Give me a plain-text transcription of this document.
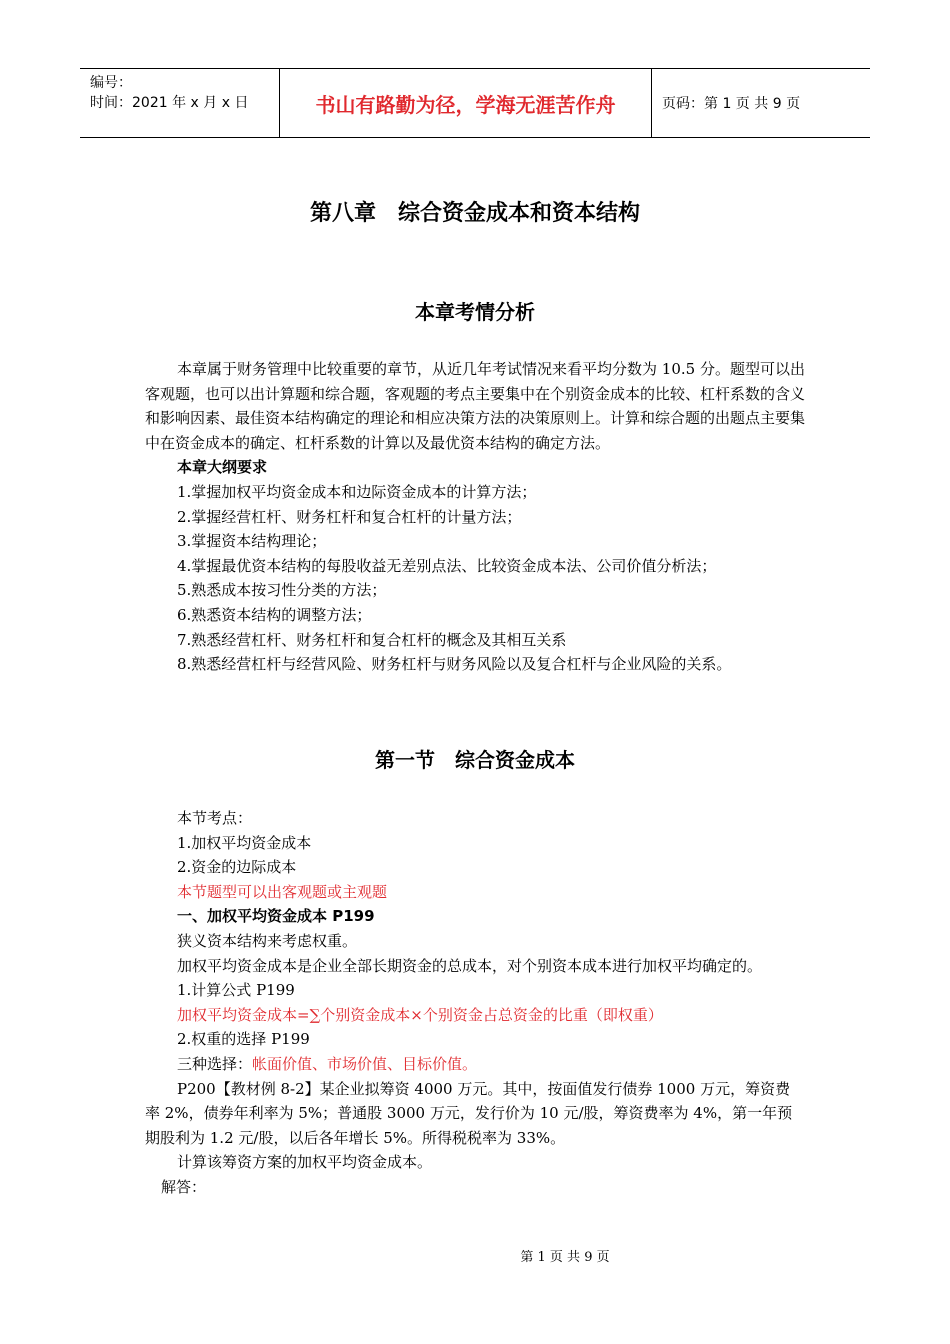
编号：
时间：2021 年 x 月 x 日	书山有路勤为径，学海无涯苦作舟	页码：第 1 页 共 9 页
第八章　综合资金成本和资本结构
本章考情分析

本章属于财务管理中比较重要的章节，从近几年考试情况来看平均分数为 10.5 分。题型可以出客观题，也可以出计算题和综合题，客观题的考点主要集中在个别资金成本的比较、杠杆系数的含义和影响因素、最佳资本结构确定的理论和相应决策方法的决策原则上。计算和综合题的出题点主要集中在资金成本的确定、杠杆系数的计算以及最优资本结构的确定方法。

本章大纲要求

1.掌握加权平均资金成本和边际资金成本的计算方法；

2.掌握经营杠杆、财务杠杆和复合杠杆的计量方法；

3.掌握资本结构理论；

4.掌握最优资本结构的每股收益无差别点法、比较资金成本法、公司价值分析法；

5.熟悉成本按习性分类的方法；

6.熟悉资本结构的调整方法；

7.熟悉经营杠杆、财务杠杆和复合杠杆的概念及其相互关系

8.熟悉经营杠杆与经营风险、财务杠杆与财务风险以及复合杠杆与企业风险的关系。

第一节　综合资金成本

本节考点：

1.加权平均资金成本

2.资金的边际成本

本节题型可以出客观题或主观题

一、加权平均资金成本 P199

狭义资本结构来考虑权重。

加权平均资金成本是企业全部长期资金的总成本，对个别资本成本进行加权平均确定的。

1.计算公式 P199

加权平均资金成本=∑个别资金成本×个别资金占总资金的比重（即权重）

2.权重的选择 P199

三种选择：帐面价值、市场价值、目标价值。

P200【教材例 8-2】某企业拟筹资 4000 万元。其中，按面值发行债券 1000 万元，筹资费率 2%，债券年利率为 5%；普通股 3000 万元，发行价为 10 元/股，筹资费率为 4%，第一年预期股利为 1.2 元/股，以后各年增长 5%。所得税税率为 33%。

计算该筹资方案的加权平均资金成本。

解答：

第 1 页 共 9 页
